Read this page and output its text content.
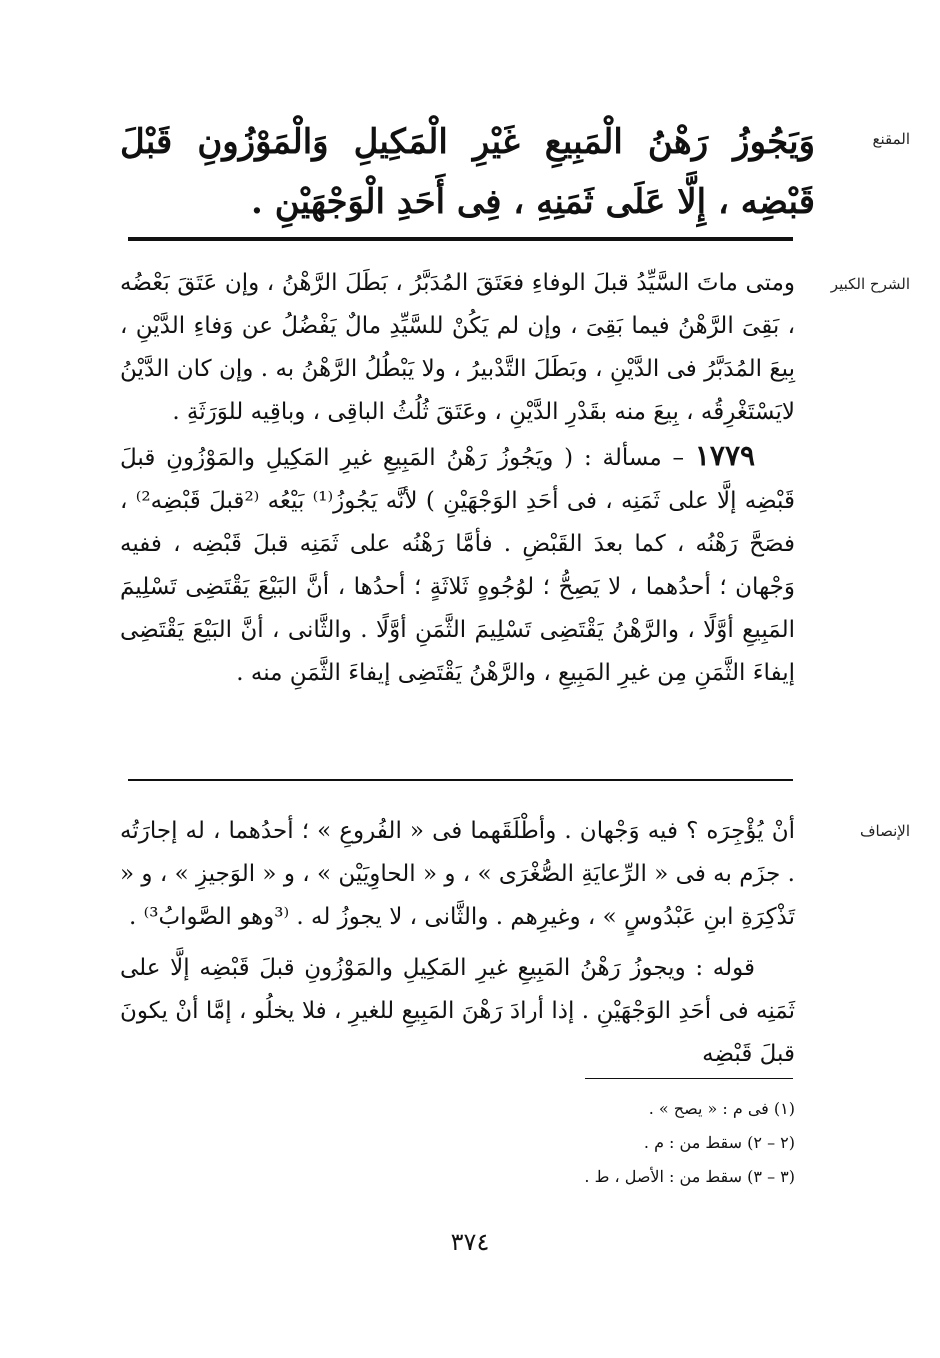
المقنع
وَيَجُوزُ رَهْنُ الْمَبِيعِ غَيْرِ الْمَكِيلِ وَالْمَوْزُونِ قَبْلَ قَبْضِه ، إِلَّا عَلَى ثَمَنِهِ ، فِى أَحَدِ الْوَجْهَيْنِ .
الشرح الكبير

ومتى ماتَ السَّيِّدُ قبلَ الوفاءِ فعَتَقَ المُدَبَّرُ ، بَطَلَ الرَّهْنُ ، وإن عَتَقَ بَعْضُه ، بَقِىَ الرَّهْنُ فيما بَقِىَ ، وإن لم يَكُنْ للسَّيِّدِ مالٌ يَفْضُلُ عن وَفاءِ الدَّيْنِ ، بِيعَ المُدَبَّرُ فى الدَّيْنِ ، وبَطَلَ التَّدْبيرُ ، ولا يَبْطُلُ الرَّهْنُ به . وإن كان الدَّيْنُ لايَسْتَغْرِقُه ، بِيعَ منه بقَدْرِ الدَّيْنِ ، وعَتَقَ ثُلُثُ الباقِى ، وباقِيه للوَرَثَةِ .

١٧٧٩ – مسألة : ( ويَجُوزُ رَهْنُ المَبِيعِ غيرِ المَكِيلِ والمَوْزُونِ قبلَ قَبْضِه إلَّا على ثَمَنِه ، فى أحَدِ الوَجْهَيْنِ ) لأنَّه يَجُوزُ⁽¹⁾ بَيْعُه ⁽²قبلَ قَبْضِه²⁾ ، فصَحَّ رَهْنُه ، كما بعدَ القَبْضِ . فأمَّا رَهْنُه على ثَمَنِه قبلَ قَبْضِه ، ففيه وَجْهان ؛ أحدُهما ، لا يَصِحُّ ؛ لوُجُوهٍ ثَلاثَةٍ ؛ أحدُها ، أنَّ البَيْعَ يَقْتَضِى تَسْلِيمَ المَبِيعِ أوَّلًا ، والرَّهْنُ يَقْتَضِى تَسْلِيمَ الثَّمَنِ أوَّلًا . والثَّانى ، أنَّ البَيْعَ يَقْتَضِى إيفاءَ الثَّمَنِ مِن غيرِ المَبِيعِ ، والرَّهْنُ يَقْتَضِى إيفاءَ الثَّمَنِ منه .

الإنصاف

أنْ يُؤْجِرَه ؟ فيه وَجْهان . وأطْلَقَهما فى « الفُروعِ » ؛ أحدُهما ، له إجارَتُه . جزَم به فى « الرِّعايَةِ الصُّغْرَى » ، و « الحاوِيَيْن » ، و « الوَجيزِ » ، و « تَذْكِرَةِ ابنِ عَبْدُوسٍ » ، وغيرِهم . والثَّانى ، لا يجوزُ له . ⁽³وهو الصَّوابُ³⁾ .

قوله : ويجوزُ رَهْنُ المَبِيعِ غيرِ المَكِيلِ والمَوْزُونِ قبلَ قَبْضِه إلَّا على ثَمَنِه فى أحَدِ الوَجْهَيْنِ . إذا أرادَ رَهْنَ المَبِيعِ للغيرِ ، فلا يخلُو ، إمَّا أنْ يكونَ قبلَ قَبْضِه

(١) فى م : « يصح » .
(٢ – ٢) سقط من : م .
(٣ – ٣) سقط من : الأصل ، ط .
٣٧٤
